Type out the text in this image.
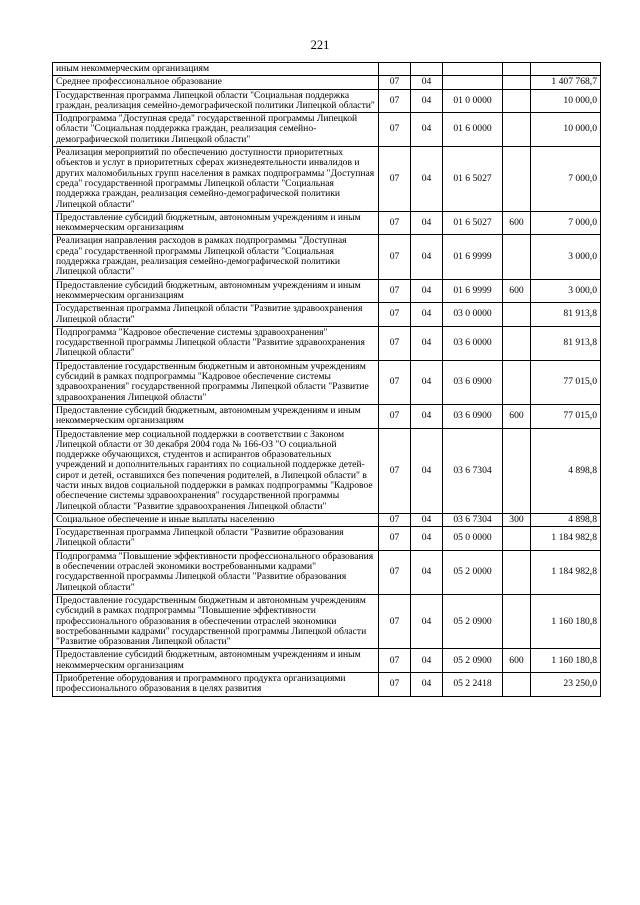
221
иным некоммерческим организациям					
Среднее профессиональное образование	07	04			1 407 768,7
Государственная программа Липецкой области "Социальная поддержка граждан, реализация семейно-демографической политики Липецкой области"	07	04	01 0 0000		10 000,0
Подпрограмма "Доступная среда" государственной программы Липецкой области "Социальная поддержка граждан, реализация семейно-демографической политики Липецкой области"	07	04	01 6 0000		10 000,0
Реализация мероприятий по обеспечению доступности приоритетных объектов и услуг в приоритетных сферах жизнедеятельности инвалидов и других маломобильных групп населения в рамках подпрограммы "Доступная среда" государственной программы Липецкой области "Социальная поддержка граждан, реализация семейно-демографической политики Липецкой области"	07	04	01 6 5027		7 000,0
Предоставление субсидий бюджетным, автономным учреждениям и иным некоммерческим организациям	07	04	01 6 5027	600	7 000,0
Реализация направления расходов в рамках подпрограммы "Доступная среда" государственной программы Липецкой области "Социальная поддержка граждан, реализация семейно-демографической политики Липецкой области"	07	04	01 6 9999		3 000,0
Предоставление субсидий бюджетным, автономным учреждениям и иным некоммерческим организациям	07	04	01 6 9999	600	3 000,0
Государственная программа Липецкой области "Развитие здравоохранения Липецкой области"	07	04	03 0 0000		81 913,8
Подпрограмма "Кадровое обеспечение системы здравоохранения" государственной программы Липецкой области "Развитие здравоохранения Липецкой области"	07	04	03 6 0000		81 913,8
Предоставление государственным бюджетным и автономным учреждениям субсидий в рамках подпрограммы "Кадровое обеспечение системы здравоохранения" государственной программы Липецкой области "Развитие здравоохранения Липецкой области"	07	04	03 6 0900		77 015,0
Предоставление субсидий бюджетным, автономным учреждениям и иным некоммерческим организациям	07	04	03 6 0900	600	77 015,0
Предоставление мер социальной поддержки в соответствии с Законом Липецкой области от 30 декабря 2004 года № 166-ОЗ "О социальной поддержке обучающихся, студентов и аспирантов образовательных учреждений и дополнительных гарантиях по социальной поддержке детей-сирот и детей, оставшихся без попечения родителей, в Липецкой области" в части иных видов социальной поддержки в рамках подпрограммы "Кадровое обеспечение системы здравоохранения" государственной программы Липецкой области "Развитие здравоохранения Липецкой области"	07	04	03 6 7304		4 898,8
Социальное обеспечение и иные выплаты населению	07	04	03 6 7304	300	4 898,8
Государственная программа Липецкой области "Развитие образования Липецкой области"	07	04	05 0 0000		1 184 982,8
Подпрограмма "Повышение эффективности профессионального образования в обеспечении отраслей экономики востребованными кадрами" государственной программы Липецкой области "Развитие образования Липецкой области"	07	04	05 2 0000		1 184 982,8
Предоставление государственным бюджетным и автономным учреждениям субсидий в рамках подпрограммы "Повышение эффективности профессионального образования в обеспечении отраслей экономики востребованными кадрами" государственной программы Липецкой области "Развитие образования Липецкой области"	07	04	05 2 0900		1 160 180,8
Предоставление субсидий бюджетным, автономным учреждениям и иным некоммерческим организациям	07	04	05 2 0900	600	1 160 180,8
Приобретение оборудования и программного продукта организациями профессионального образования в целях развития	07	04	05 2 2418		23 250,0
